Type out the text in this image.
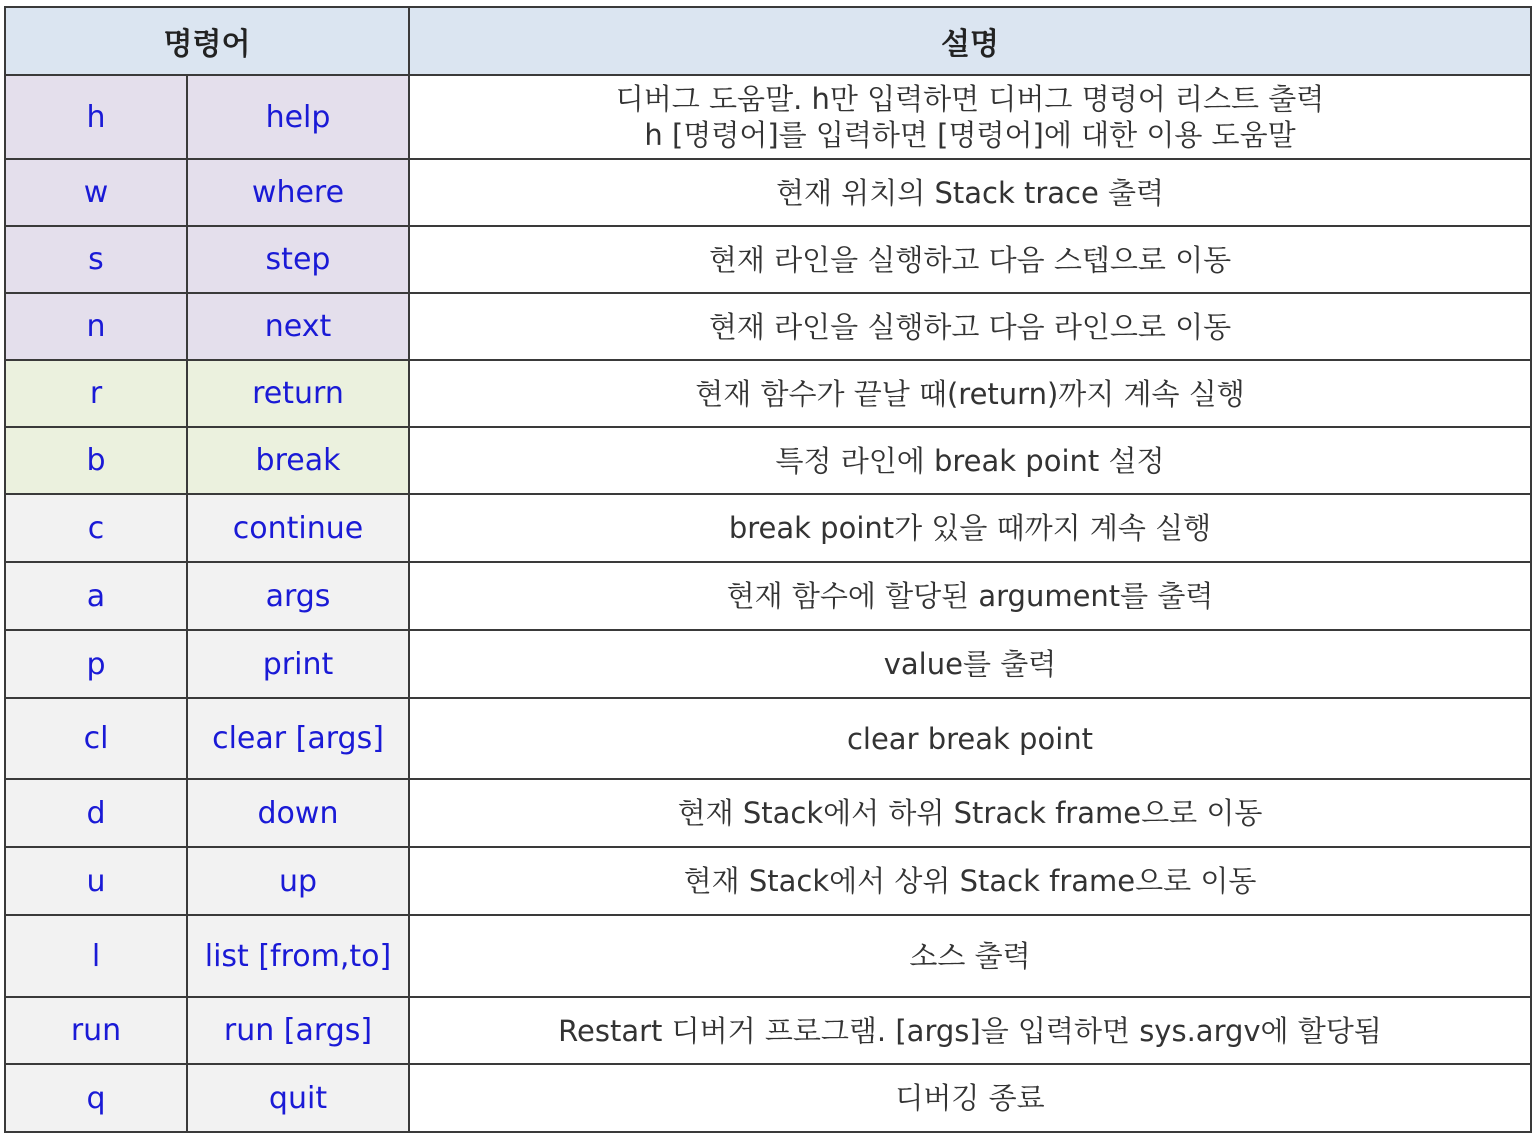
명령어		설명
h	help	디버그 도움말. h만 입력하면 디버그 명령어 리스트 출력
h [명령어]를 입력하면 [명령어]에 대한 이용 도움말

w	where	현재 위치의 Stack trace 출력

s	step	현재 라인을 실행하고 다음 스텝으로 이동

n	next	현재 라인을 실행하고 다음 라인으로 이동

r	return	현재 함수가 끝날 때(return)까지 계속 실행

b	break	특정 라인에 break point 설정

c	continue	break point가 있을 때까지 계속 실행

a	args	현재 함수에 할당된 argument를 출력

p	print	value를 출력

cl	clear [args]	clear break point

d	down	현재 Stack에서 하위 Strack frame으로 이동

u	up	현재 Stack에서 상위 Stack frame으로 이동

l	list [from,to]	소스 출력

run	run [args]	Restart 디버거 프로그램. [args]을 입력하면 sys.argv에 할당됨

q	quit	디버깅 종료
